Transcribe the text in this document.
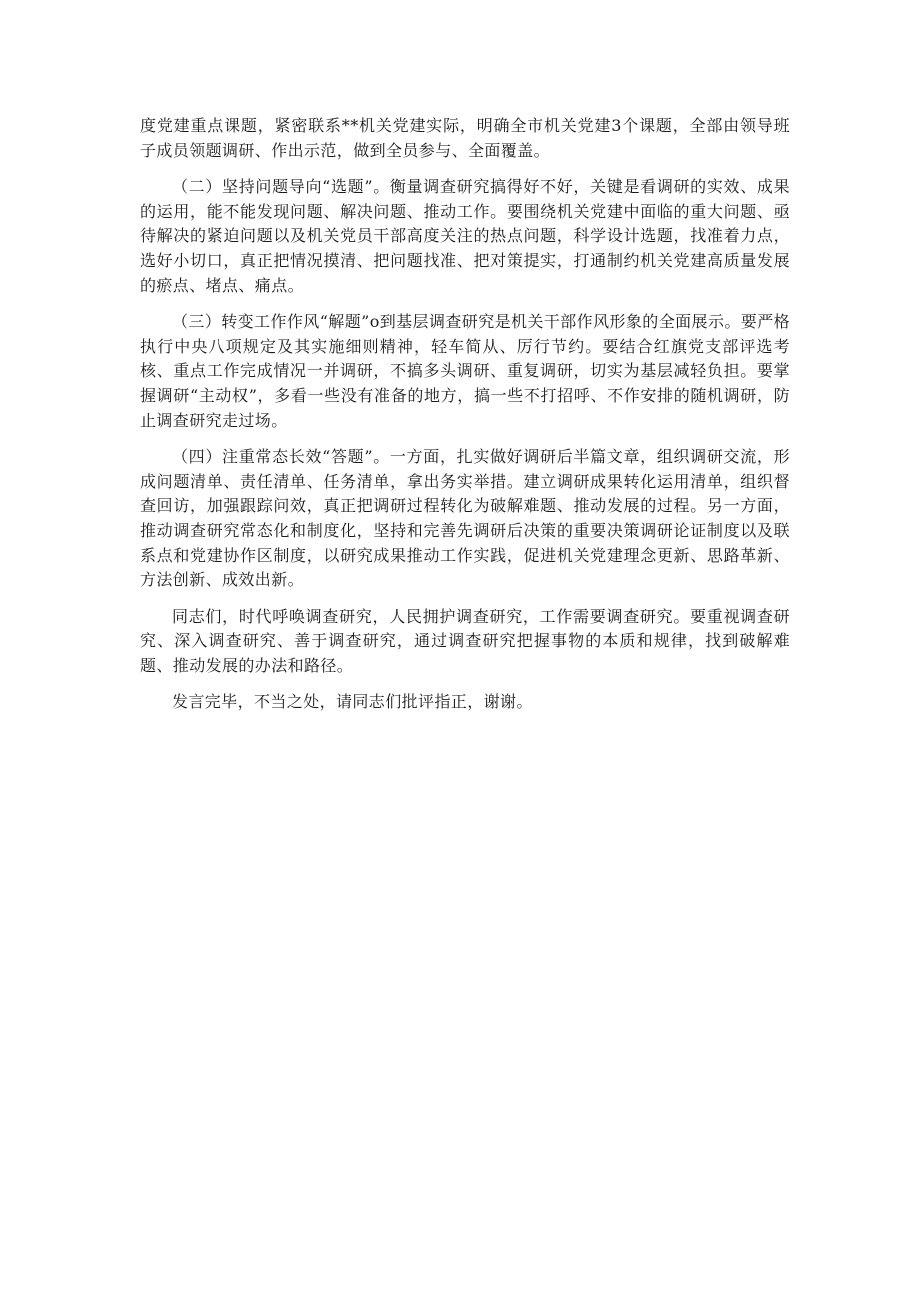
度党建重点课题，紧密联系**机关党建实际，明确全市机关党建3个课题，全部由领导班子成员领题调研、作出示范，做到全员参与、全面覆盖。

（二）坚持问题导向“选题”。衡量调查研究搞得好不好，关键是看调研的实效、成果的运用，能不能发现问题、解决问题、推动工作。要围绕机关党建中面临的重大问题、亟待解决的紧迫问题以及机关党员干部高度关注的热点问题，科学设计选题，找准着力点，选好小切口，真正把情况摸清、把问题找准、把对策提实，打通制约机关党建高质量发展的瘀点、堵点、痛点。

（三）转变工作作风“解题”o到基层调查研究是机关干部作风形象的全面展示。要严格执行中央八项规定及其实施细则精神，轻车简从、厉行节约。要结合红旗党支部评选考核、重点工作完成情况一并调研，不搞多头调研、重复调研，切实为基层减轻负担。要掌握调研“主动权”，多看一些没有准备的地方，搞一些不打招呼、不作安排的随机调研，防止调查研究走过场。

（四）注重常态长效“答题”。一方面，扎实做好调研后半篇文章，组织调研交流，形成问题清单、责任清单、任务清单，拿出务实举措。建立调研成果转化运用清单，组织督查回访，加强跟踪问效，真正把调研过程转化为破解难题、推动发展的过程。另一方面，推动调查研究常态化和制度化，坚持和完善先调研后决策的重要决策调研论证制度以及联系点和党建协作区制度，以研究成果推动工作实践，促进机关党建理念更新、思路革新、方法创新、成效出新。

同志们，时代呼唤调查研究，人民拥护调查研究，工作需要调查研究。要重视调查研究、深入调查研究、善于调查研究，通过调查研究把握事物的本质和规律，找到破解难题、推动发展的办法和路径。

发言完毕，不当之处，请同志们批评指正，谢谢。
